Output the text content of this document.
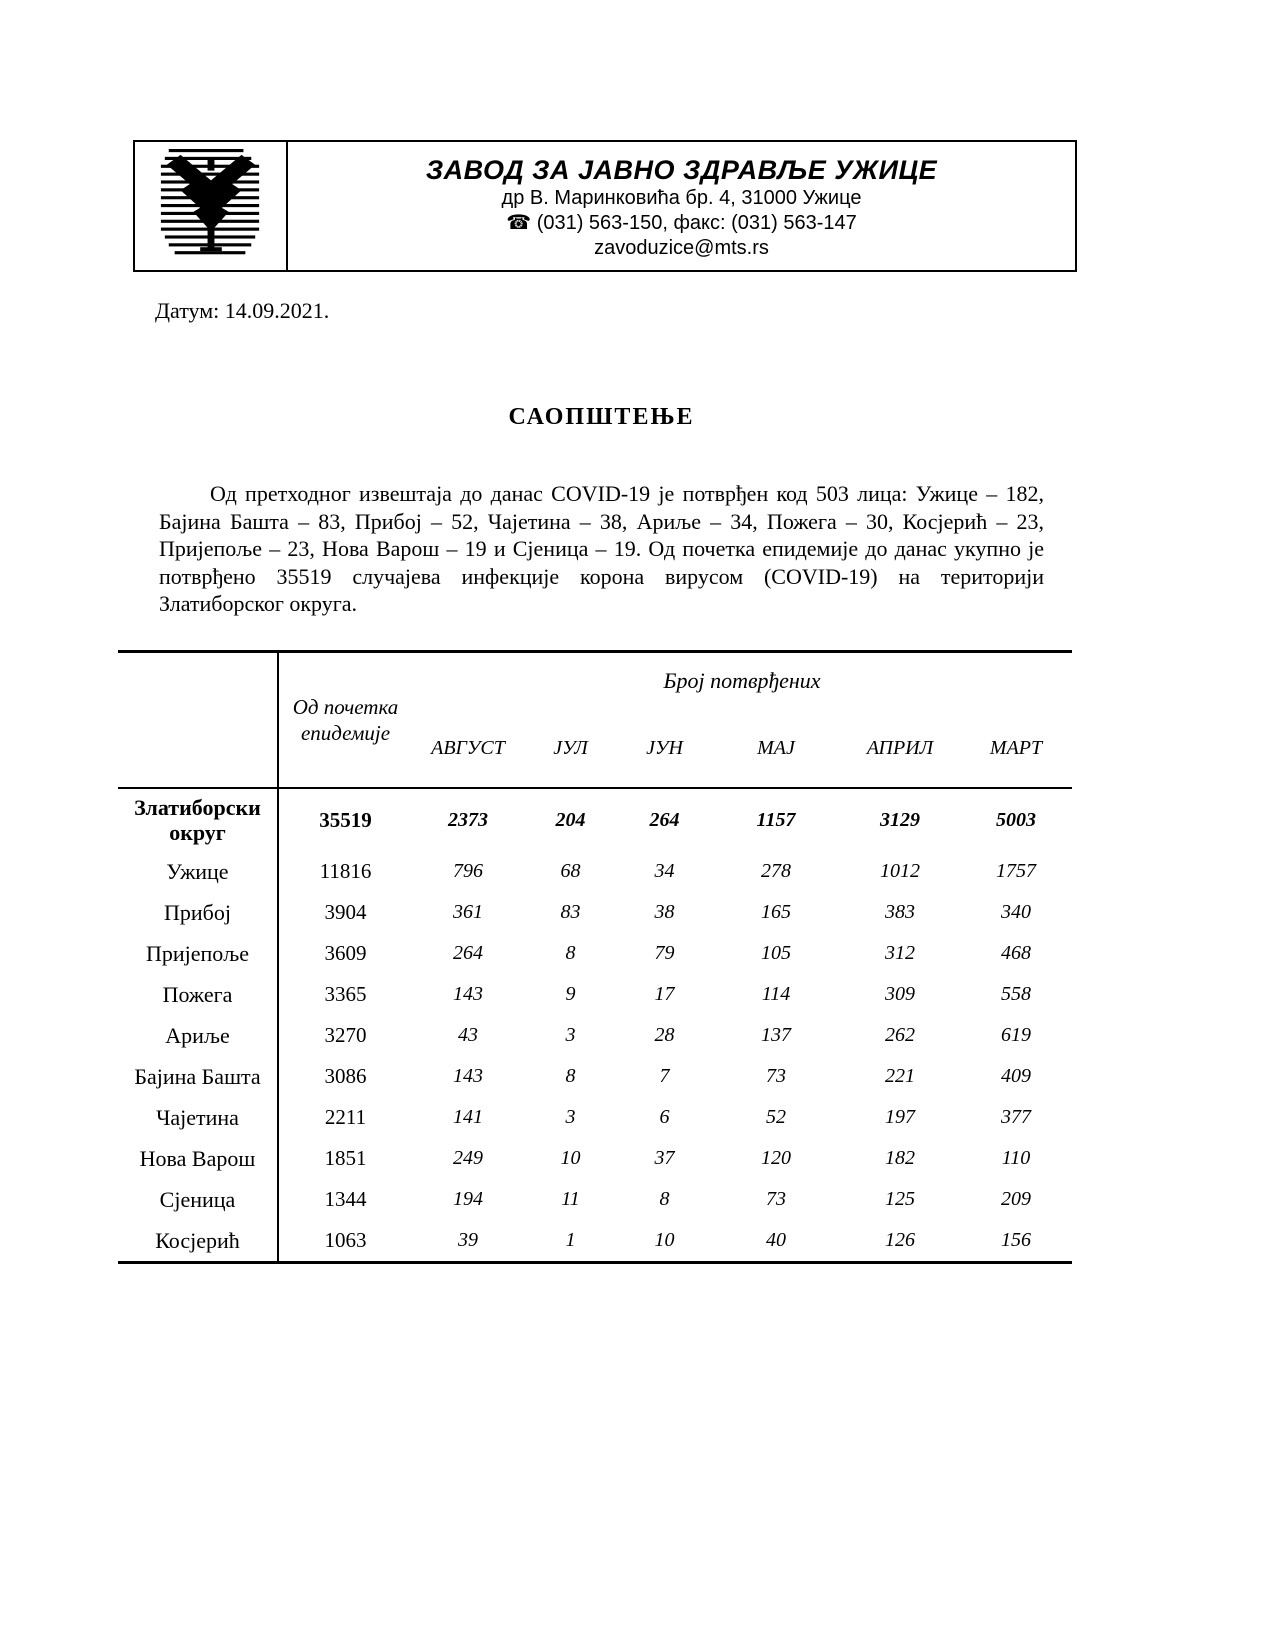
ЗАВОД ЗА ЈАВНО ЗДРАВЉЕ УЖИЦЕ
др В. Маринковића бр. 4, 31000 Ужице
☎ (031) 563-150, факс: (031) 563-147
zavoduzice@mts.rs
Датум: 14.09.2021.
САОПШТЕЊЕ
Од претходног извештаја до данас COVID-19 је потврђен код 503 лица: Ужице – 182, Бајина Башта – 83, Прибој – 52, Чајетина – 38, Ариље – 34, Пожега – 30, Косјерић – 23, Пријепоље – 23, Нова Варош – 19 и Сјеница – 19. Од почетка епидемије до данас укупно је потврђено 35519 случајева инфекције корона вирусом (COVID-19) на територији Златиборског округа.
	Од почетка епидемије	Број потврђених					
		АВГУСТ	ЈУЛ	ЈУН	МАЈ	АПРИЛ	МАРТ
Златиборски округ	35519	2373	204	264	1157	3129	5003
Ужице	11816	796	68	34	278	1012	1757
Прибој	3904	361	83	38	165	383	340
Пријепоље	3609	264	8	79	105	312	468
Пожега	3365	143	9	17	114	309	558
Ариље	3270	43	3	28	137	262	619
Бајина Башта	3086	143	8	7	73	221	409
Чајетина	2211	141	3	6	52	197	377
Нова Варош	1851	249	10	37	120	182	110
Сјеница	1344	194	11	8	73	125	209
Косјерић	1063	39	1	10	40	126	156
